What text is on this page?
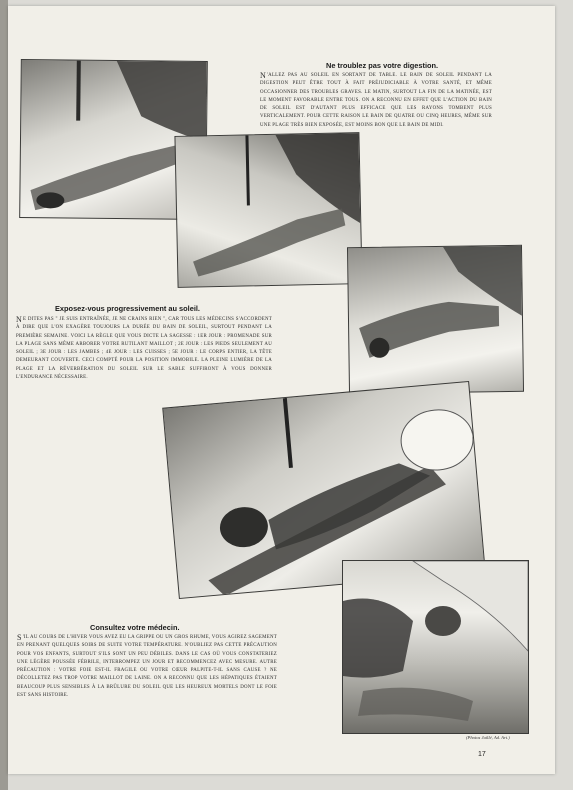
Ne troublez pas votre digestion.

N 'ALLEZ PAS AU SOLEIL EN SORTANT DE TABLE. LE BAIN DE SOLEIL PENDANT LA DIGESTION PEUT ÊTRE TOUT À FAIT PRÉJUDICIABLE À VOTRE SANTÉ, ET MÊME OCCASIONNER DES TROUBLES GRAVES. LE MATIN, SURTOUT LA FIN DE LA MATINÉE, EST LE MOMENT FAVORABLE ENTRE TOUS. ON A RECONNU EN EFFET QUE L'ACTION DU BAIN DE SOLEIL EST D'AUTANT PLUS EFFICACE QUE LES RAYONS TOMBENT PLUS VERTICALEMENT. POUR CETTE RAISON LE BAIN DE QUATRE OU CINQ HEURES, MÊME SUR UNE PLAGE TRÈS BIEN EXPOSÉE, EST MOINS BON QUE LE BAIN DE MIDI.

Exposez-vous progressivement au soleil.

NE DITES PAS " JE SUIS ENTRAÎNÉE, JE NE CRAINS RIEN ", CAR TOUS LES MÉDECINS S'ACCORDENT À DIRE QUE L'ON EXAGÈRE TOUJOURS LA DURÉE DU BAIN DE SOLEIL, SURTOUT PENDANT LA PREMIÈRE SEMAINE. VOICI LA RÈGLE QUE VOUS DICTE LA SAGESSE : 1ER JOUR : PROMENADE SUR LA PLAGE SANS MÊME ARBORER VOTRE RUTILANT MAILLOT ; 2E JOUR : LES PIEDS SEULEMENT AU SOLEIL ; 3E JOUR : LES JAMBES ; 4E JOUR : LES CUISSES ; 5E JOUR : LE CORPS ENTIER, LA TÊTE DEMEURANT COUVERTE. CECI COMPTÉ POUR LA POSITION IMMOBILE. LA PLEINE LUMIÈRE DE LA PLAGE ET LA RÉVERBÉRATION DU SOLEIL SUR LE SABLE SUFFIRONT À VOUS DONNER L'ENDURANCE NÉCESSAIRE.

Consultez votre médecin.

S 'IL AU COURS DE L'HIVER VOUS AVEZ EU LA GRIPPE OU UN GROS RHUME, VOUS AGIREZ SAGEMENT EN PRENANT QUELQUES SOIRS DE SUITE VOTRE TEMPÉRATURE. N'OUBLIEZ PAS CETTE PRÉCAUTION POUR VOS ENFANTS, SURTOUT S'ILS SONT UN PEU DÉBILES. DANS LE CAS OÙ VOUS CONSTATERIEZ UNE LÉGÈRE POUSSÉE FÉBRILE, INTERROMPEZ UN JOUR ET RECOMMENCEZ AVEC MESURE. AUTRE PRÉCAUTION : VOTRE FOIE EST-IL FRAGILE OU VOTRE CŒUR PALPITE-T-IL SANS CAUSE ? NE DÉCOLLETEZ PAS TROP VOTRE MAILLOT DE LAINE. ON A RECONNU QUE LES HÉPATIQUES ÉTAIENT BEAUCOUP PLUS SENSIBLES À LA BRÛLURE DU SOLEIL QUE LES HEUREUX MORTELS DONT LE FOIE EST SANS HISTOIRE.

(Photos Juillé, Ad. Art.)
17
